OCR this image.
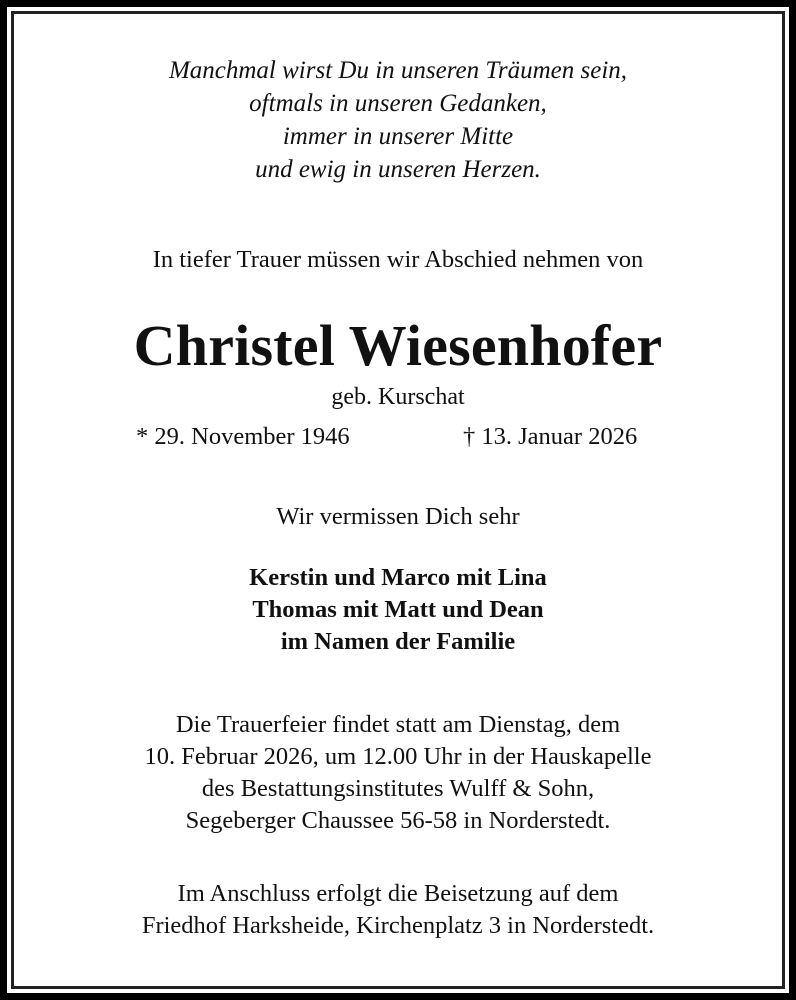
Manchmal wirst Du in unseren Träumen sein,
oftmals in unseren Gedanken,
immer in unserer Mitte
und ewig in unseren Herzen.
In tiefer Trauer müssen wir Abschied nehmen von
Christel Wiesenhofer
geb. Kurschat
* 29. November 1946	† 13. Januar 2026
Wir vermissen Dich sehr
Kerstin und Marco mit Lina
Thomas mit Matt und Dean
im Namen der Familie
Die Trauerfeier findet statt am Dienstag, dem
10. Februar 2026, um 12.00 Uhr in der Hauskapelle
des Bestattungsinstitutes Wulff & Sohn,
Segeberger Chaussee 56-58 in Norderstedt.
Im Anschluss erfolgt die Beisetzung auf dem
Friedhof Harksheide, Kirchenplatz 3 in Norderstedt.
